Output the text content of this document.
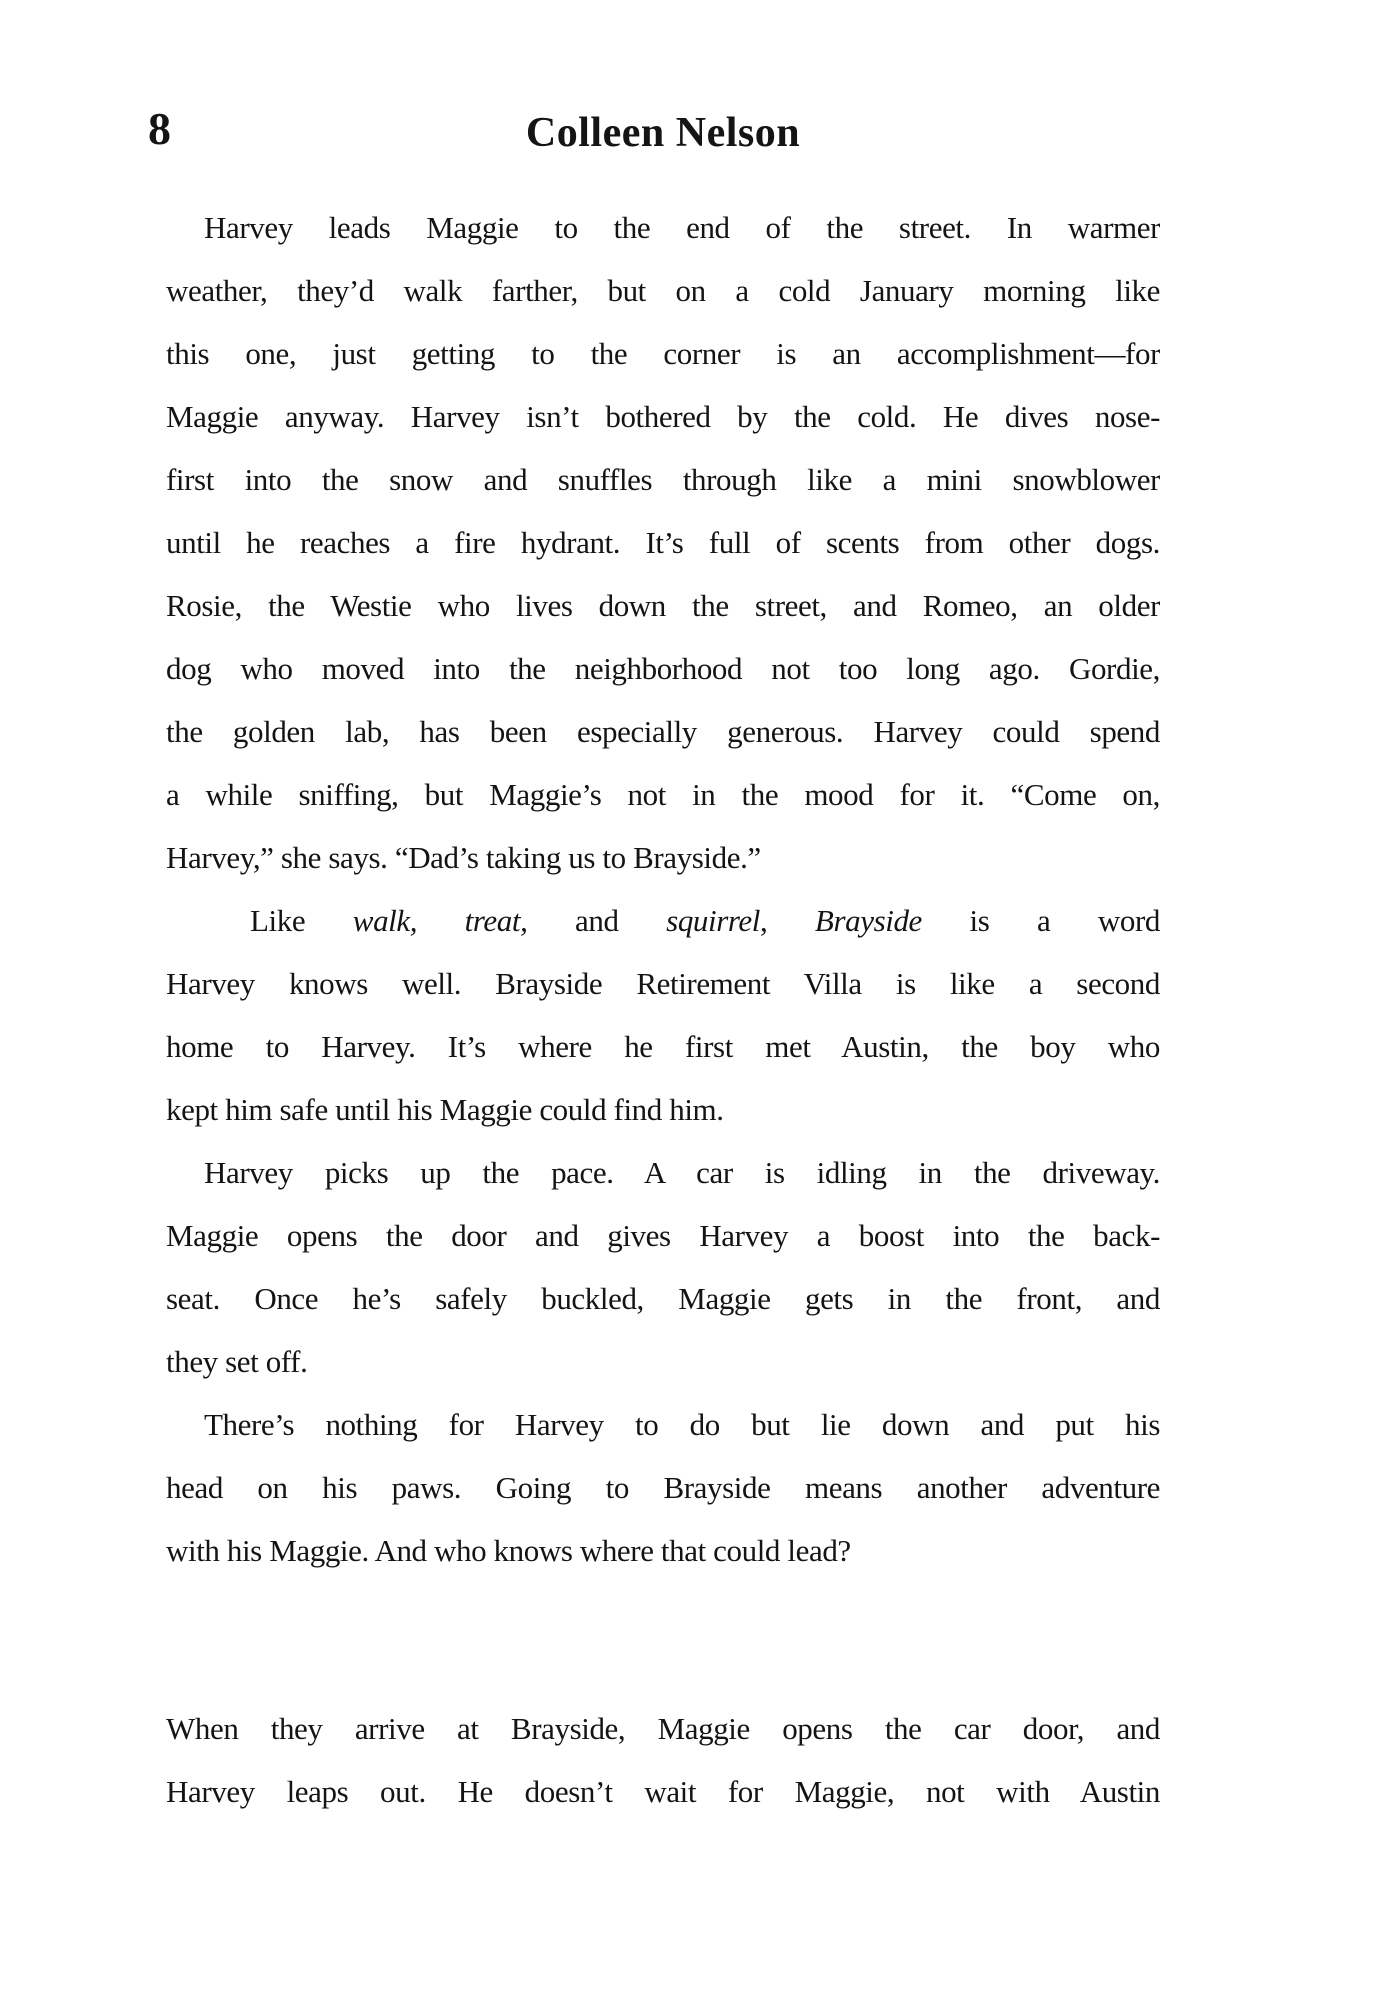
8	Colleen Nelson
Harvey leads Maggie to the end of the street. In warmer
weather, they’d walk farther, but on a cold January morning like
this one, just getting to the corner is an accomplishment—for
Maggie anyway. Harvey isn’t bothered by the cold. He dives nose-
first into the snow and snuffles through like a mini snowblower
until he reaches a fire hydrant. It’s full of scents from other dogs.
Rosie, the Westie who lives down the street, and Romeo, an older
dog who moved into the neighborhood not too long ago. Gordie,
the golden lab, has been especially generous. Harvey could spend
a while sniffing, but Maggie’s not in the mood for it. “Come on,
Harvey,” she says. “Dad’s taking us to Brayside.”
Like walk, treat, and squirrel, Brayside is a word
Harvey knows well. Brayside Retirement Villa is like a second
home to Harvey. It’s where he first met Austin, the boy who
kept him safe until his Maggie could find him.
Harvey picks up the pace. A car is idling in the driveway.
Maggie opens the door and gives Harvey a boost into the back-
seat. Once he’s safely buckled, Maggie gets in the front, and
they set off.
There’s nothing for Harvey to do but lie down and put his
head on his paws. Going to Brayside means another adventure
with his Maggie. And who knows where that could lead?
When they arrive at Brayside, Maggie opens the car door, and
Harvey leaps out. He doesn’t wait for Maggie, not with Austin
